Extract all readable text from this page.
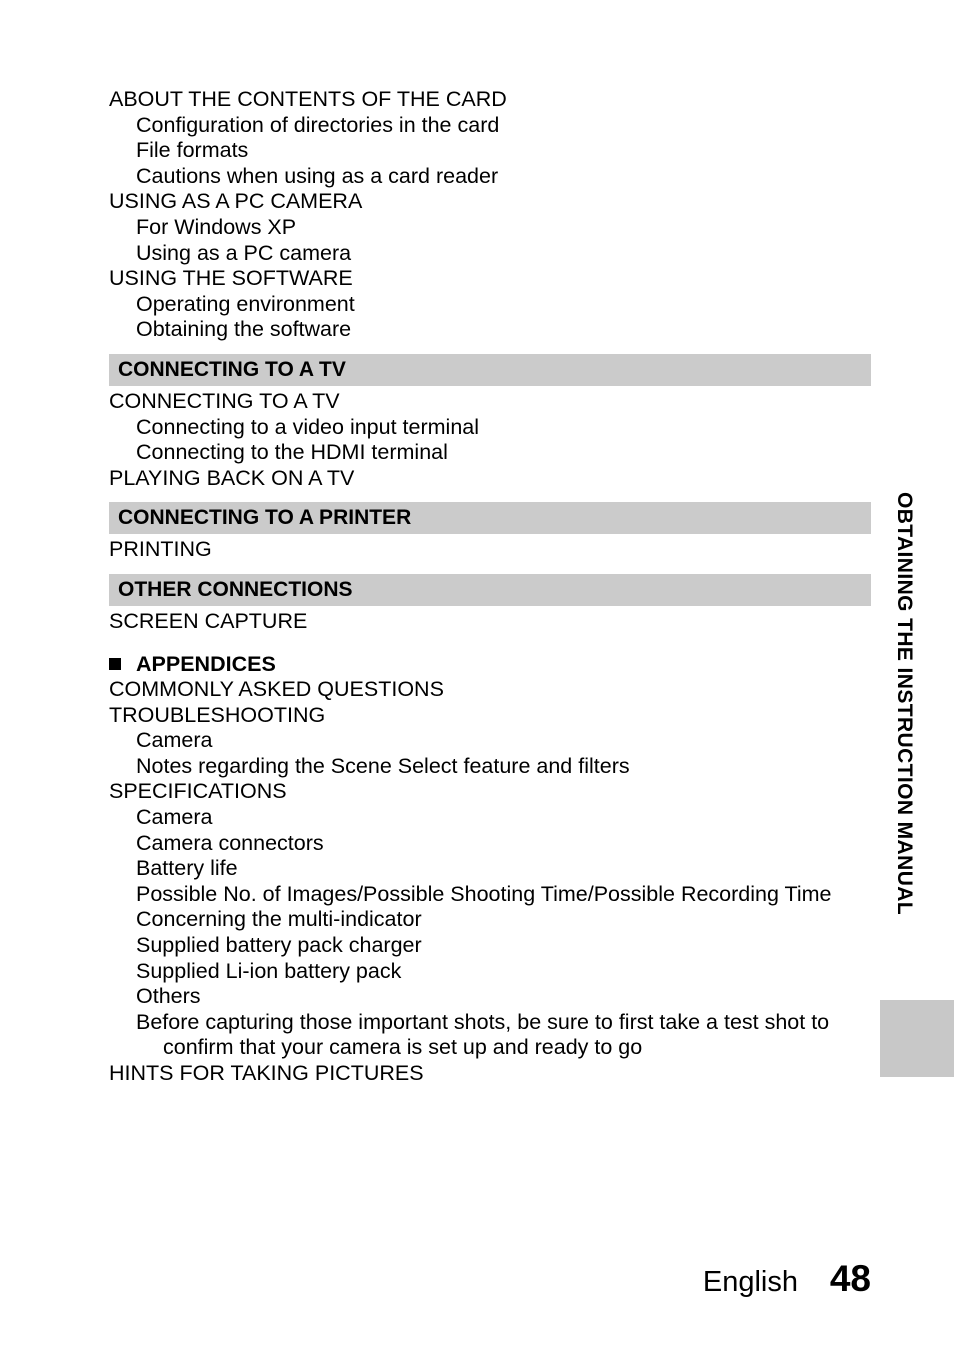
ABOUT THE CONTENTS OF THE CARD
Configuration of directories in the card
File formats
Cautions when using as a card reader
USING AS A PC CAMERA
For Windows XP
Using as a PC camera
USING THE SOFTWARE
Operating environment
Obtaining the software
CONNECTING TO A TV
CONNECTING TO A TV
Connecting to a video input terminal
Connecting to the HDMI terminal
PLAYING BACK ON A TV
CONNECTING TO A PRINTER
PRINTING
OTHER CONNECTIONS
SCREEN CAPTURE
APPENDICES
COMMONLY ASKED QUESTIONS
TROUBLESHOOTING
Camera
Notes regarding the Scene Select feature and filters
SPECIFICATIONS
Camera
Camera connectors
Battery life
Possible No. of Images/Possible Shooting Time/Possible Recording Time
Concerning the multi-indicator
Supplied battery pack charger
Supplied Li-ion battery pack
Others
Before capturing those important shots, be sure to first take a test shot to
confirm that your camera is set up and ready to go
HINTS FOR TAKING PICTURES
OBTAINING THE INSTRUCTION MANUAL
English 48
